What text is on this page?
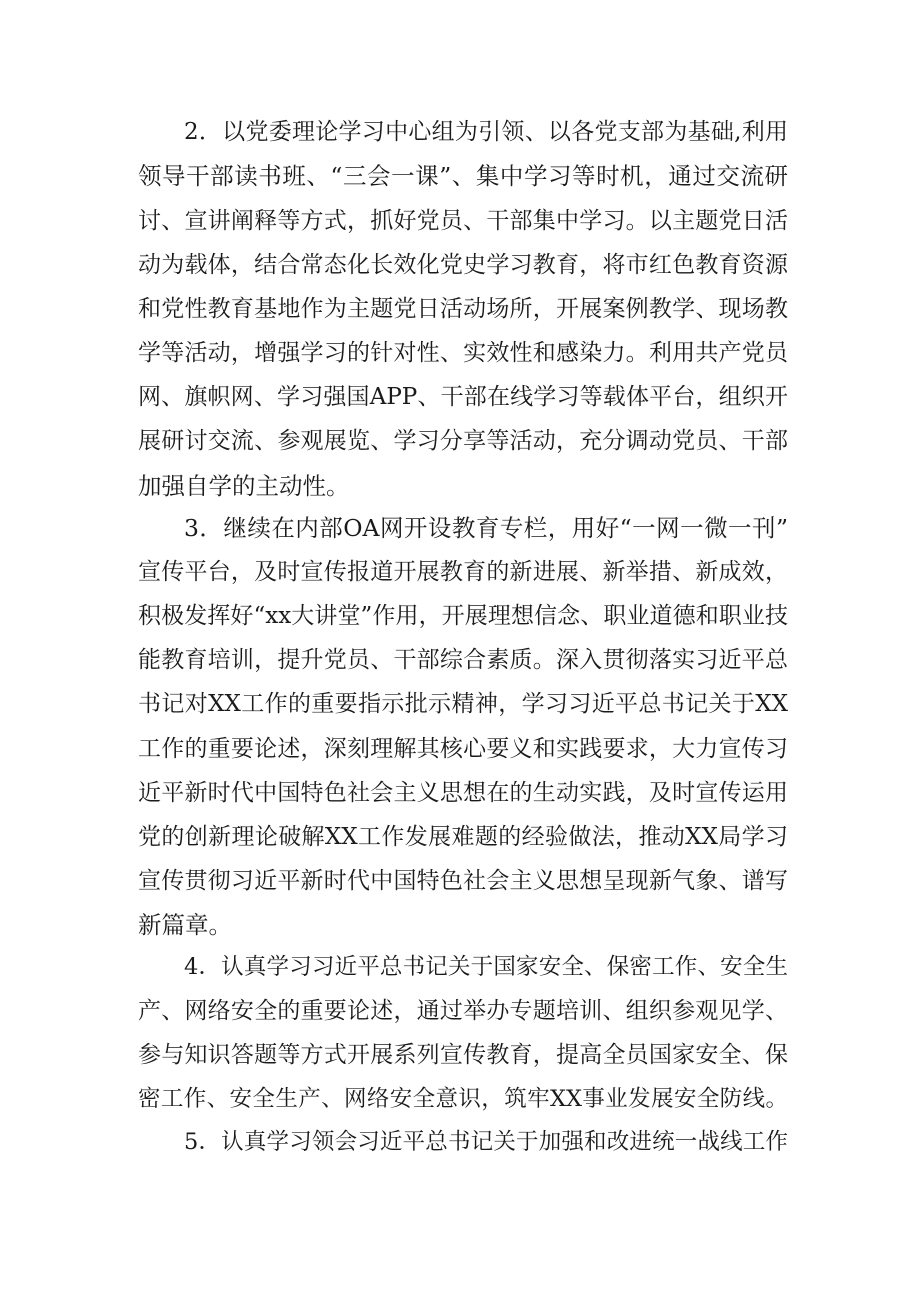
2．以党委理论学习中心组为引领、以各党支部为基础,利用
领导干部读书班、“三会一课”、集中学习等时机，通过交流研
讨、宣讲阐释等方式，抓好党员、干部集中学习。以主题党日活
动为载体，结合常态化长效化党史学习教育，将市红色教育资源
和党性教育基地作为主题党日活动场所，开展案例教学、现场教
学等活动，增强学习的针对性、实效性和感染力。利用共产党员
网、旗帜网、学习强国APP、干部在线学习等载体平台，组织开
展研讨交流、参观展览、学习分享等活动，充分调动党员、干部
加强自学的主动性。
3．继续在内部OA网开设教育专栏，用好“一网一微一刊”
宣传平台，及时宣传报道开展教育的新进展、新举措、新成效，
积极发挥好“xx大讲堂”作用，开展理想信念、职业道德和职业技
能教育培训，提升党员、干部综合素质。深入贯彻落实习近平总
书记对XX工作的重要指示批示精神，学习习近平总书记关于XX
工作的重要论述，深刻理解其核心要义和实践要求，大力宣传习
近平新时代中国特色社会主义思想在的生动实践，及时宣传运用
党的创新理论破解XX工作发展难题的经验做法，推动XX局学习
宣传贯彻习近平新时代中国特色社会主义思想呈现新气象、谱写
新篇章。
4．认真学习习近平总书记关于国家安全、保密工作、安全生
产、网络安全的重要论述，通过举办专题培训、组织参观见学、
参与知识答题等方式开展系列宣传教育，提高全员国家安全、保
密工作、安全生产、网络安全意识，筑牢XX事业发展安全防线。
5．认真学习领会习近平总书记关于加强和改进统一战线工作
